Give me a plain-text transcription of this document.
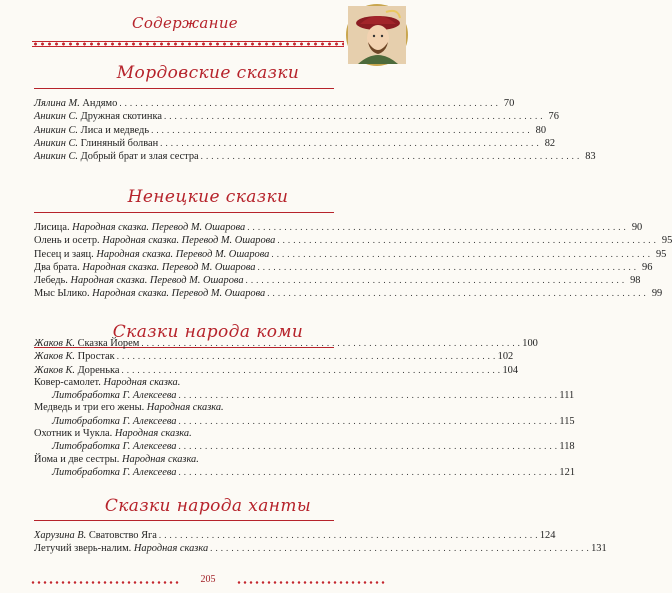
Содержание
Мордовские сказки
Лялина М. Андямо . . .	70
Аникин С. Дружная скотинка . . .	76
Аникин С. Лиса и медведь . . .	80
Аникин С. Глиняный болван . . .	82
Аникин С. Добрый брат и злая сестра . . .	83
Ненецкие сказки
Лисица. Народная сказка. Перевод М. Ошарова . . .	90
Олень и осетр. Народная сказка. Перевод М. Ошарова . . .	95
Песец и заяц. Народная сказка. Перевод М. Ошарова . . .	95
Два брата. Народная сказка. Перевод М. Ошарова . . .	96
Лебедь. Народная сказка. Перевод М. Ошарова . . .	98
Мыс Ылико. Народная сказка. Перевод М. Ошарова . . .	99
Сказки народа коми
Жаков К. Сказка Йорем . . .	100
Жаков К. Простак . . .	102
Жаков К. Доренька . . .	104
Ковер-самолет. Народная сказка.
Литобработка Г. Алексеева . . .	111
Медведь и три его жены. Народная сказка.
Литобработка Г. Алексеева . . .	115
Охотник и Чукла. Народная сказка.
Литобработка Г. Алексеева . . .	118
Йома и две сестры. Народная сказка.
Литобработка Г. Алексеева . . .	121
Сказки народа ханты
Харузина В. Сватовство Яга . . .	124
Летучий зверь-налим. Народная сказка . . .	131
205
